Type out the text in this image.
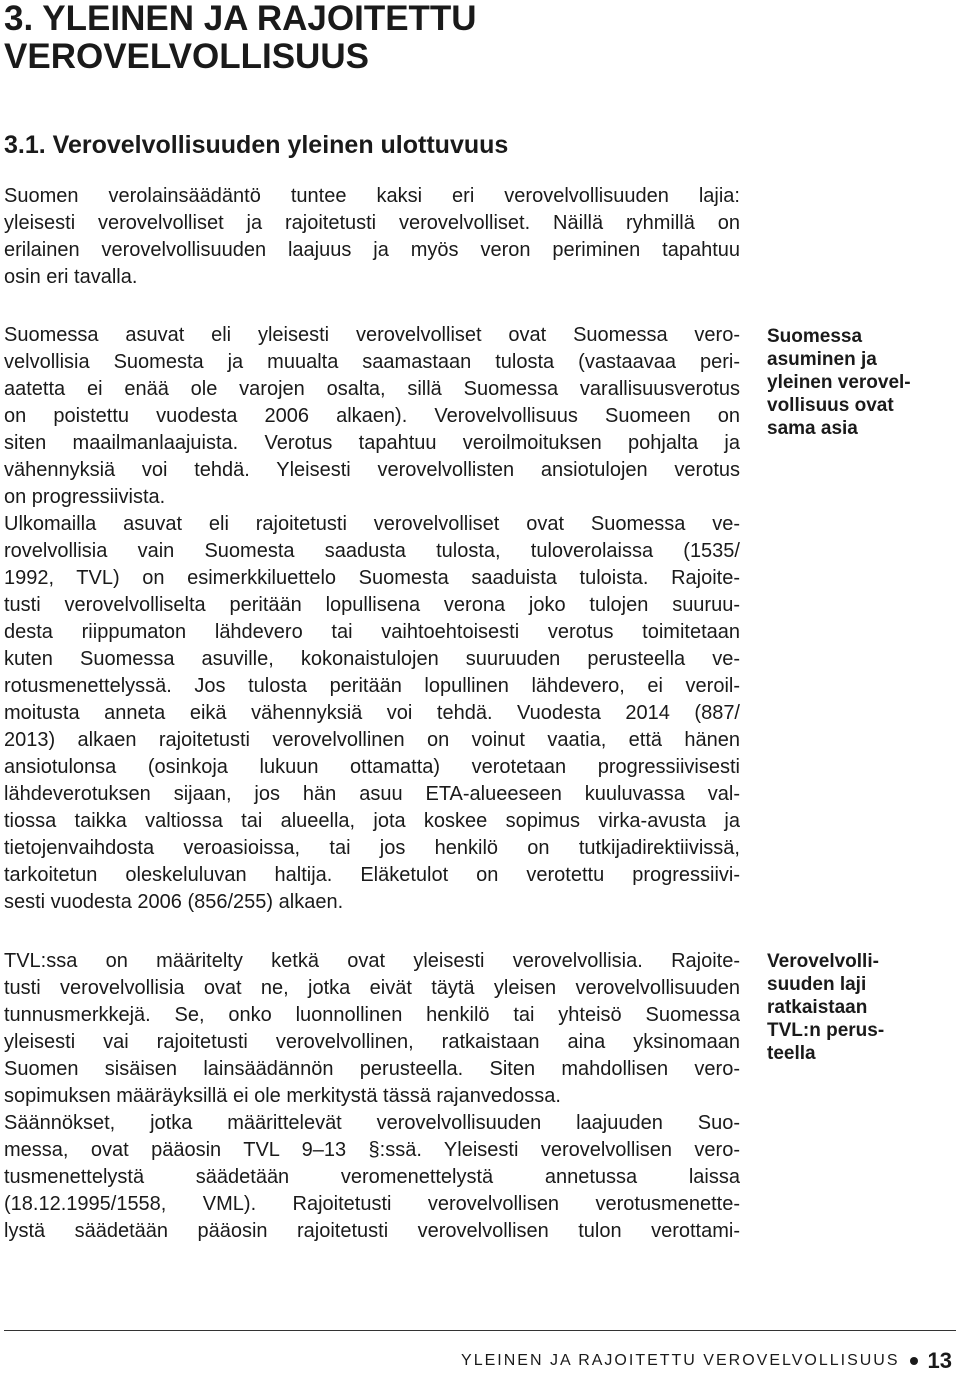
3. YLEINEN JA RAJOITETTU
VEROVELVOLLISUUS
3.1. Verovelvollisuuden yleinen ulottuvuus
Suomen verolainsäädäntö tuntee kaksi eri verovelvollisuuden lajia:
yleisesti verovelvolliset ja rajoitetusti verovelvolliset. Näillä ryhmillä on
erilainen verovelvollisuuden laajuus ja myös veron periminen tapahtuu
osin eri tavalla.
Suomessa asuvat eli yleisesti verovelvolliset ovat Suomessa vero-
velvollisia Suomesta ja muualta saamastaan tulosta (vastaavaa peri-
aatetta ei enää ole varojen osalta, sillä Suomessa varallisuusverotus
on poistettu vuodesta 2006 alkaen). Verovelvollisuus Suomeen on
siten maailmanlaajuista. Verotus tapahtuu veroilmoituksen pohjalta ja
vähennyksiä voi tehdä. Yleisesti verovelvollisten ansiotulojen verotus
on progressiivista.
Ulkomailla asuvat eli rajoitetusti verovelvolliset ovat Suomessa ve-
rovelvollisia vain Suomesta saadusta tulosta, tuloverolaissa (1535/
1992, TVL) on esimerkkiluettelo Suomesta saaduista tuloista. Rajoite-
tusti verovelvolliselta peritään lopullisena verona joko tulojen suuruu-
desta riippumaton lähdevero tai vaihtoehtoisesti verotus toimitetaan
kuten Suomessa asuville, kokonaistulojen suuruuden perusteella ve-
rotusmenettelyssä. Jos tulosta peritään lopullinen lähdevero, ei veroil-
moitusta anneta eikä vähennyksiä voi tehdä. Vuodesta 2014 (887/
2013) alkaen rajoitetusti verovelvollinen on voinut vaatia, että hänen
ansiotulonsa (osinkoja lukuun ottamatta) verotetaan progressiivisesti
lähdeverotuksen sijaan, jos hän asuu ETA-alueeseen kuuluvassa val-
tiossa taikka valtiossa tai alueella, jota koskee sopimus virka-avusta ja
tietojenvaihdosta veroasioissa, tai jos henkilö on tutkijadirektiivissä,
tarkoitetun oleskeluluvan haltija. Eläketulot on verotettu progressiivi-
sesti vuodesta 2006 (856/255) alkaen.
TVL:ssa on määritelty ketkä ovat yleisesti verovelvollisia. Rajoite-
tusti verovelvollisia ovat ne, jotka eivät täytä yleisen verovelvollisuuden
tunnusmerkkejä. Se, onko luonnollinen henkilö tai yhteisö Suomessa
yleisesti vai rajoitetusti verovelvollinen, ratkaistaan aina yksinomaan
Suomen sisäisen lainsäädännön perusteella. Siten mahdollisen vero-
sopimuksen määräyksillä ei ole merkitystä tässä rajanvedossa.
Säännökset, jotka määrittelevät verovelvollisuuden laajuuden Suo-
messa, ovat pääosin TVL 9–13 §:ssä. Yleisesti verovelvollisen vero-
tusmenettelystä säädetään veromenettelystä annetussa laissa
(18.12.1995/1558, VML). Rajoitetusti verovelvollisen verotusmenette-
lystä säädetään pääosin rajoitetusti verovelvollisen tulon verottami-
Suomessa
asuminen ja
yleinen verovel-
vollisuus ovat
sama asia
Verovelvolli-
suuden laji
ratkaistaan
TVL:n perus-
teella
YLEINEN JA RAJOITETTU VEROVELVOLLISUUS 13
